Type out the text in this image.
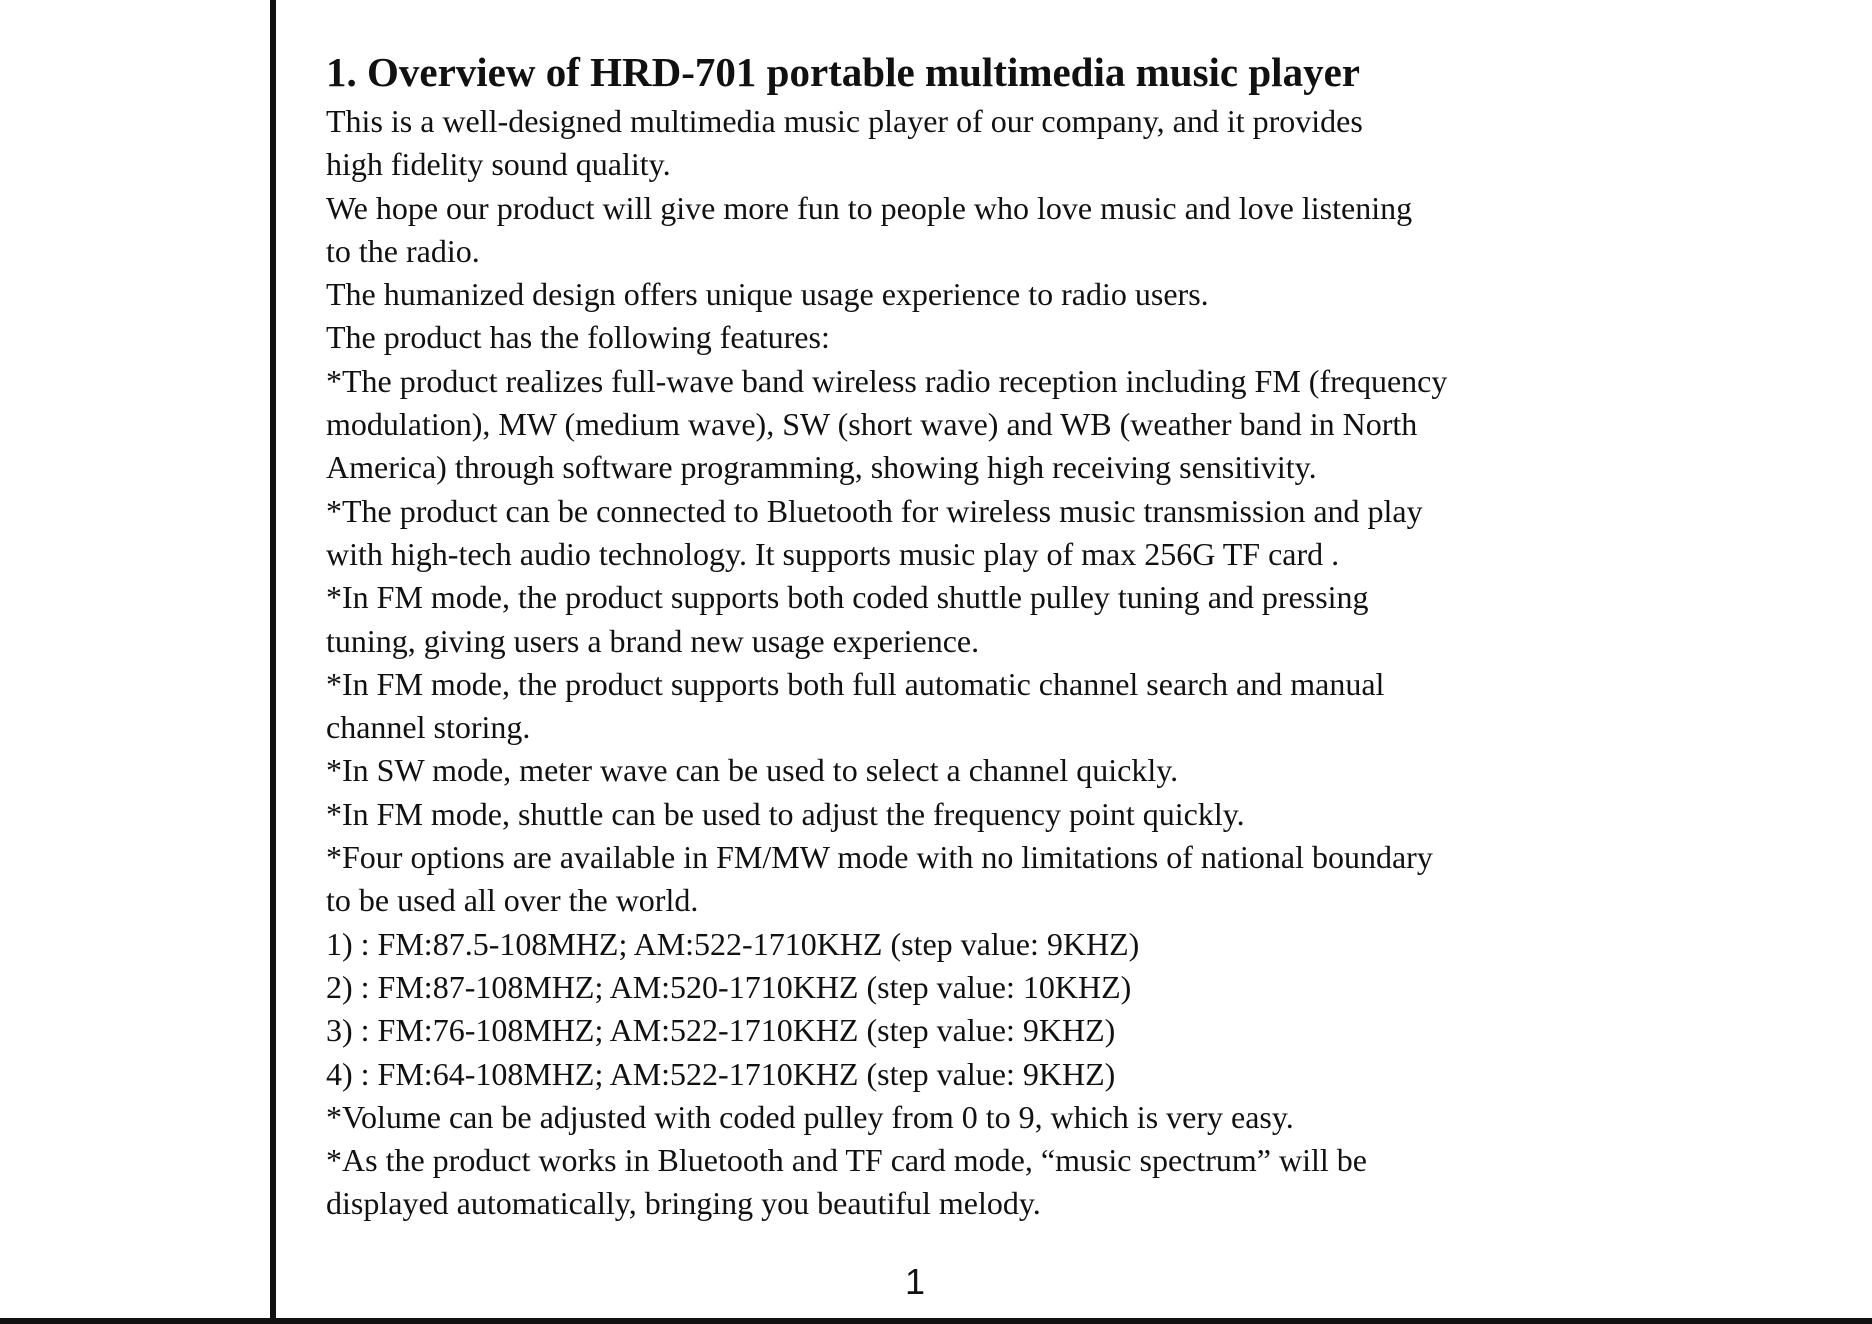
1. Overview of HRD-701 portable multimedia music player
This is a well-designed multimedia music player of our company, and it provides
high fidelity sound quality.
We hope our product will give more fun to people who love music and love listening
to the radio.
The humanized design offers unique usage experience to radio users.
The product has the following features:
*The product realizes full-wave band wireless radio reception including FM (frequency
modulation), MW (medium wave), SW (short wave) and WB (weather band in North
America) through software programming, showing high receiving sensitivity.
*The product can be connected to Bluetooth for wireless music transmission and play
with high-tech audio technology. It supports music play of max 256G TF card .
*In FM mode, the product supports both coded shuttle pulley tuning and pressing
tuning, giving users a brand new usage experience.
*In FM mode, the product supports both full automatic channel search and manual
channel storing.
*In SW mode, meter wave can be used to select a channel quickly.
*In FM mode, shuttle can be used to adjust the frequency point quickly.
*Four options are available in FM/MW mode with no limitations of national boundary
to be used all over the world.
1) : FM:87.5-108MHZ; AM:522-1710KHZ (step value: 9KHZ)
2) : FM:87-108MHZ; AM:520-1710KHZ (step value: 10KHZ)
3) : FM:76-108MHZ; AM:522-1710KHZ (step value: 9KHZ)
4) : FM:64-108MHZ; AM:522-1710KHZ (step value: 9KHZ)
*Volume can be adjusted with coded pulley from 0 to 9, which is very easy.
*As the product works in Bluetooth and TF card mode, “music spectrum” will be
displayed automatically, bringing you beautiful melody.
1
